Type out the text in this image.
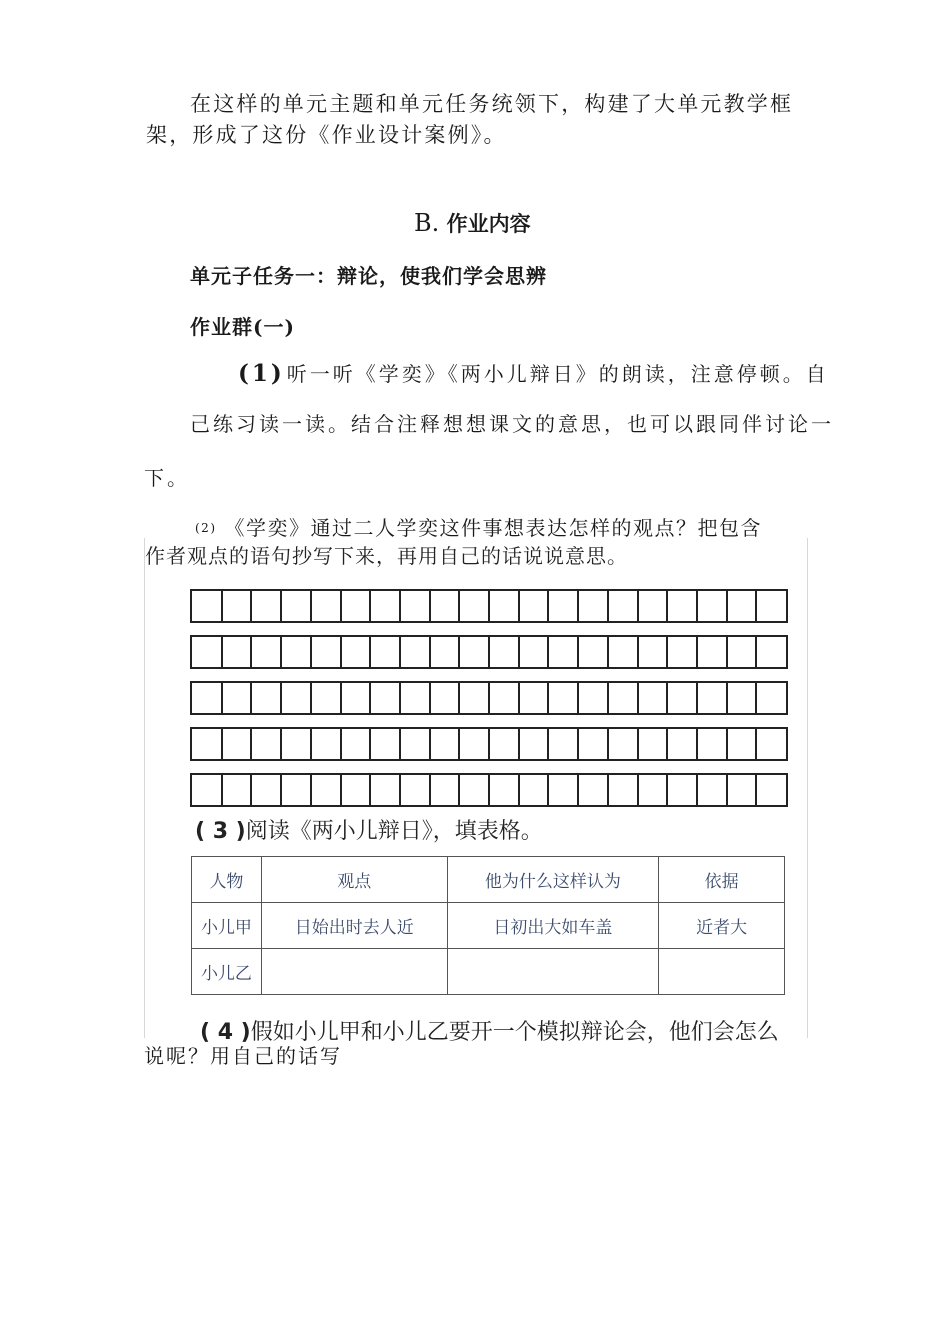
在这样的单元主题和单元任务统领下，构建了大单元教学框
架，形成了这份《作业设计案例》。
B. 作业内容
单元子任务一：辩论，使我们学会思辨
作业群(一)
(1) 听一听《学奕》《两小儿辩日》的朗读，注意停顿。自
己练习读一读。结合注释想想课文的意思，也可以跟同伴讨论一
下。
(2) 《学奕》通过二人学奕这件事想表达怎样的观点？把包含
作者观点的语句抄写下来，再用自己的话说说意思。
( 3 )阅读《两小儿辩日》，填表格。
人物	观点	他为什么这样认为	依据
小儿甲	日始出时去人近	日初出大如车盖	近者大
小儿乙			
( 4 )假如小儿甲和小儿乙要开一个模拟辩论会，他们会怎么
说呢？用自己的话写
